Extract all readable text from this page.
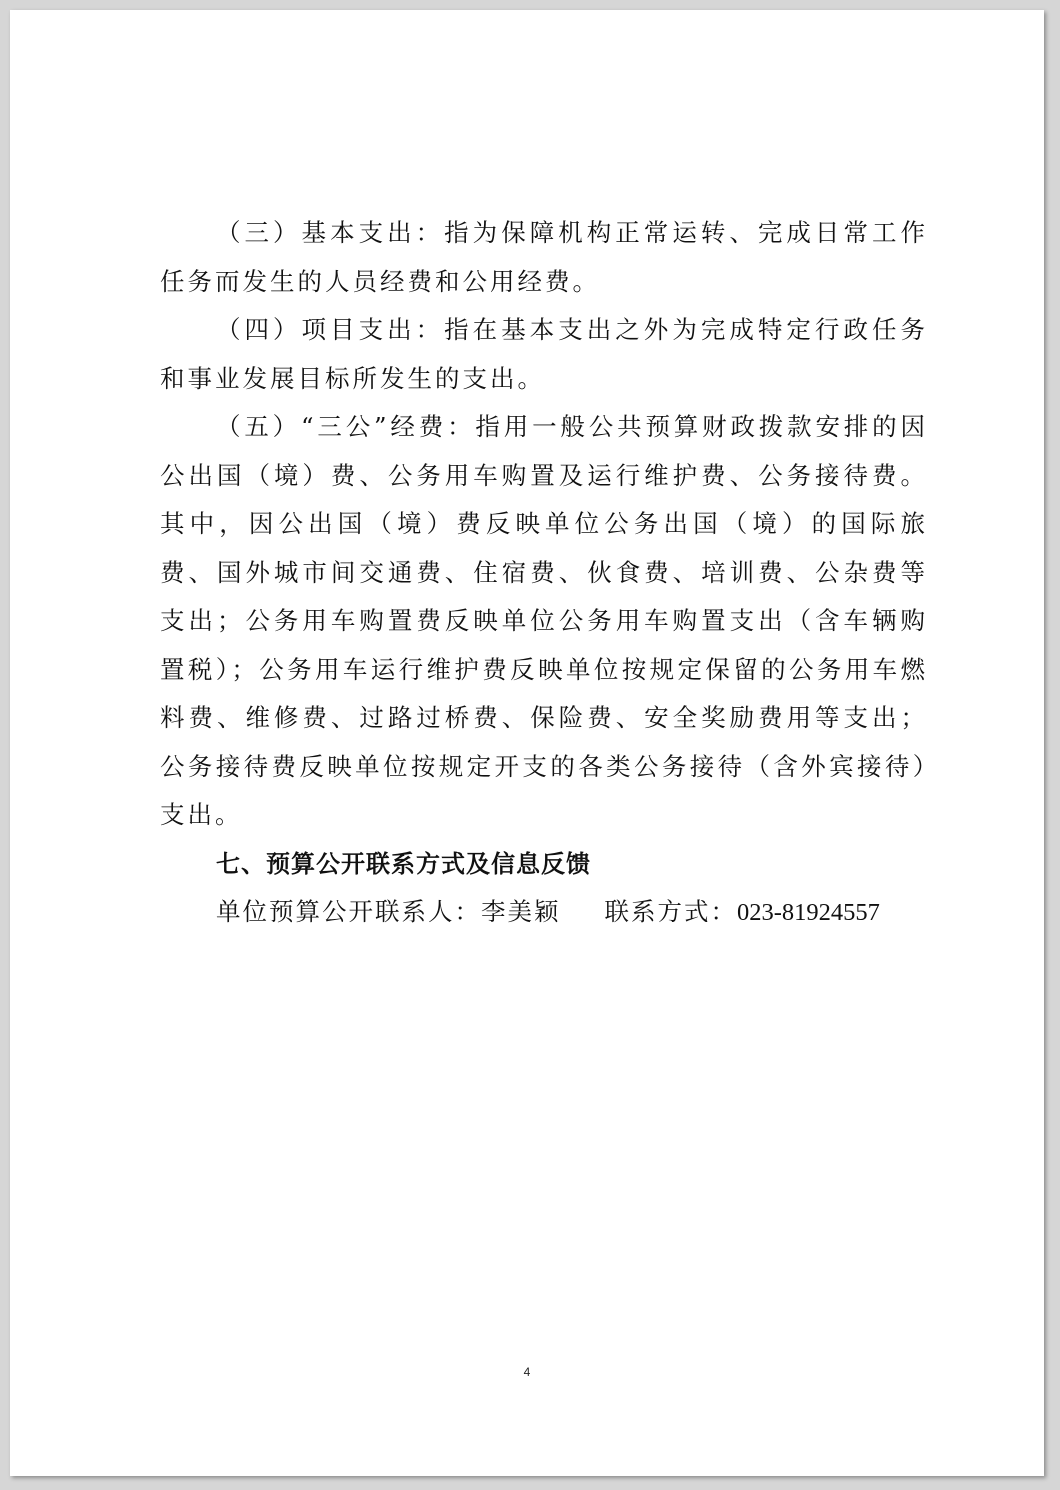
（三）基本支出：指为保障机构正常运转、完成日常工作任务而发生的人员经费和公用经费。

（四）项目支出：指在基本支出之外为完成特定行政任务和事业发展目标所发生的支出。

（五）“三公”经费：指用一般公共预算财政拨款安排的因公出国（境）费、公务用车购置及运行维护费、公务接待费。其中，因公出国（境）费反映单位公务出国（境）的国际旅费、国外城市间交通费、住宿费、伙食费、培训费、公杂费等支出；公务用车购置费反映单位公务用车购置支出（含车辆购置税）；公务用车运行维护费反映单位按规定保留的公务用车燃料费、维修费、过路过桥费、保险费、安全奖励费用等支出；公务接待费反映单位按规定开支的各类公务接待（含外宾接待）支出。

七、预算公开联系方式及信息反馈

单位预算公开联系人：李美颖 联系方式：023-81924557

4
